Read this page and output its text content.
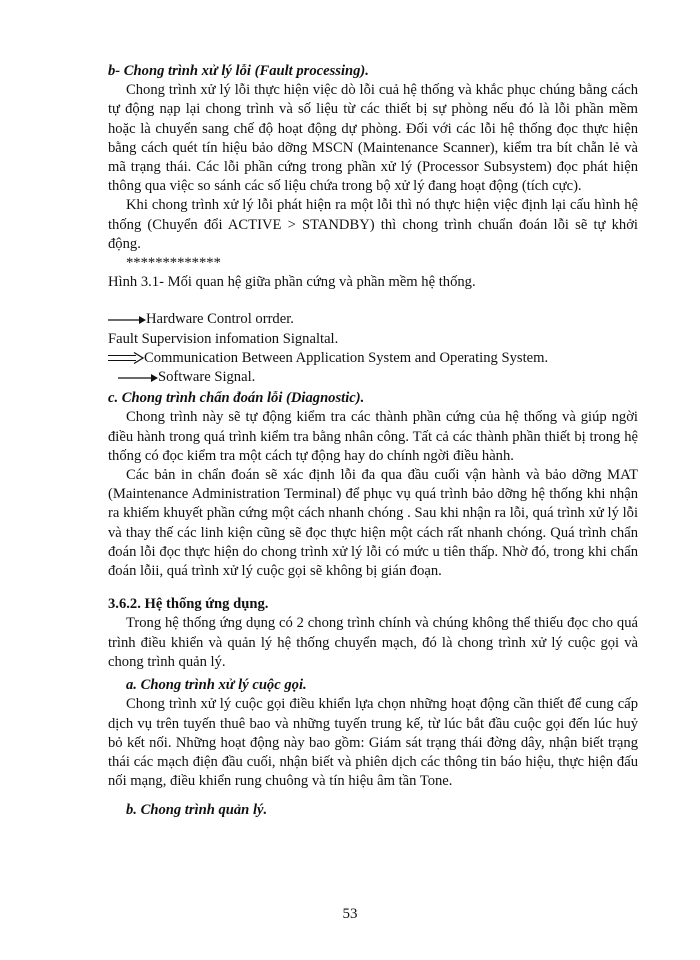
b- Chong trình xử lý lỗi (Fault processing).

Chong trình xử lý lỗi thực hiện việc dò lỗi cuả hệ thống và khắc phục chúng bằng cách tự động nạp lại chong trình và số liệu từ các thiết bị sự phòng nếu đó là lỗi phần mềm hoặc là chuyển sang chế độ hoạt động dự phòng. Đối với các lỗi hệ thống đọc thực hiện bằng cách quét tín hiệu bảo dỡng MSCN (Maintenance Scanner), kiểm tra bít chẵn lẻ và mã trạng thái. Các lỗi phần cứng trong phần xử lý (Processor Subsystem) đọc phát hiện thông qua việc so sánh các số liệu chứa trong bộ xử lý đang hoạt động (tích cực).

Khi chong trình xử lý lỗi phát hiện ra một lỗi thì nó thực hiện việc định lại cấu hình hệ thống (Chuyển đổi ACTIVE > STANDBY) thì chong trình chuẩn đoán lỗi sẽ tự khởi động.

*************

Hình 3.1- Mối quan hệ giữa phần cứng và phần mềm hệ thống.

Hardware Control orrder.
Fault Supervision infomation Signaltal.
Communication Between Application System and Operating System.
Software Signal.

c. Chong trình chẩn đoán lỗi (Diagnostic).

Chong trình này sẽ tự động kiểm tra các thành phần cứng của hệ thống và giúp ngời điều hành trong quá trình kiểm tra bằng nhân công. Tất cả các thành phần thiết bị trong hệ thống có đọc kiểm tra một cách tự động hay do chính ngời điều hành.

Các bản in chẩn đoán sẽ xác định lỗi đa qua đầu cuối vận hành và bảo dỡng MAT (Maintenance Administration Terminal) để phục vụ quá trình bảo dỡng hệ thống khi nhận ra khiếm khuyết phần cứng một cách nhanh chóng . Sau khi nhận ra lỗi, quá trình xử lý lỗi và thay thế các linh kiện cũng sẽ đọc thực hiện một cách rất nhanh chóng. Quá trình chẩn đoán lỗi đọc thực hiện do chong trình xử lý lỗi có mức u tiên thấp. Nhờ đó, trong khi chẩn đoán lỗii, quá trình xử lý cuộc gọi sẽ không bị gián đoạn.

3.6.2. Hệ thống ứng dụng.

Trong hệ thống ứng dụng có 2 chong trình chính và chúng không thể thiếu đọc cho quá trình điều khiển và quản lý hệ thống chuyển mạch, đó là chong trình xử lý cuộc gọi và chong trình quản lý.

a. Chong trình xử lý cuộc gọi.

Chong trình xử lý cuộc gọi điều khiển lựa chọn những hoạt động cần thiết để cung cấp dịch vụ trên tuyến thuê bao và những tuyến trung kế, từ lúc bắt đầu cuộc gọi đến lúc huỷ bỏ kết nối. Những hoạt động này bao gồm: Giám sát trạng thái đờng dây, nhận biết trạng thái các mạch điện đầu cuối, nhận biết và phiên dịch các thông tin báo hiệu, thực hiện đấu nối mạng, điều khiển rung chuông và tín hiệu âm tần Tone.

b. Chong trình quản lý.

53
